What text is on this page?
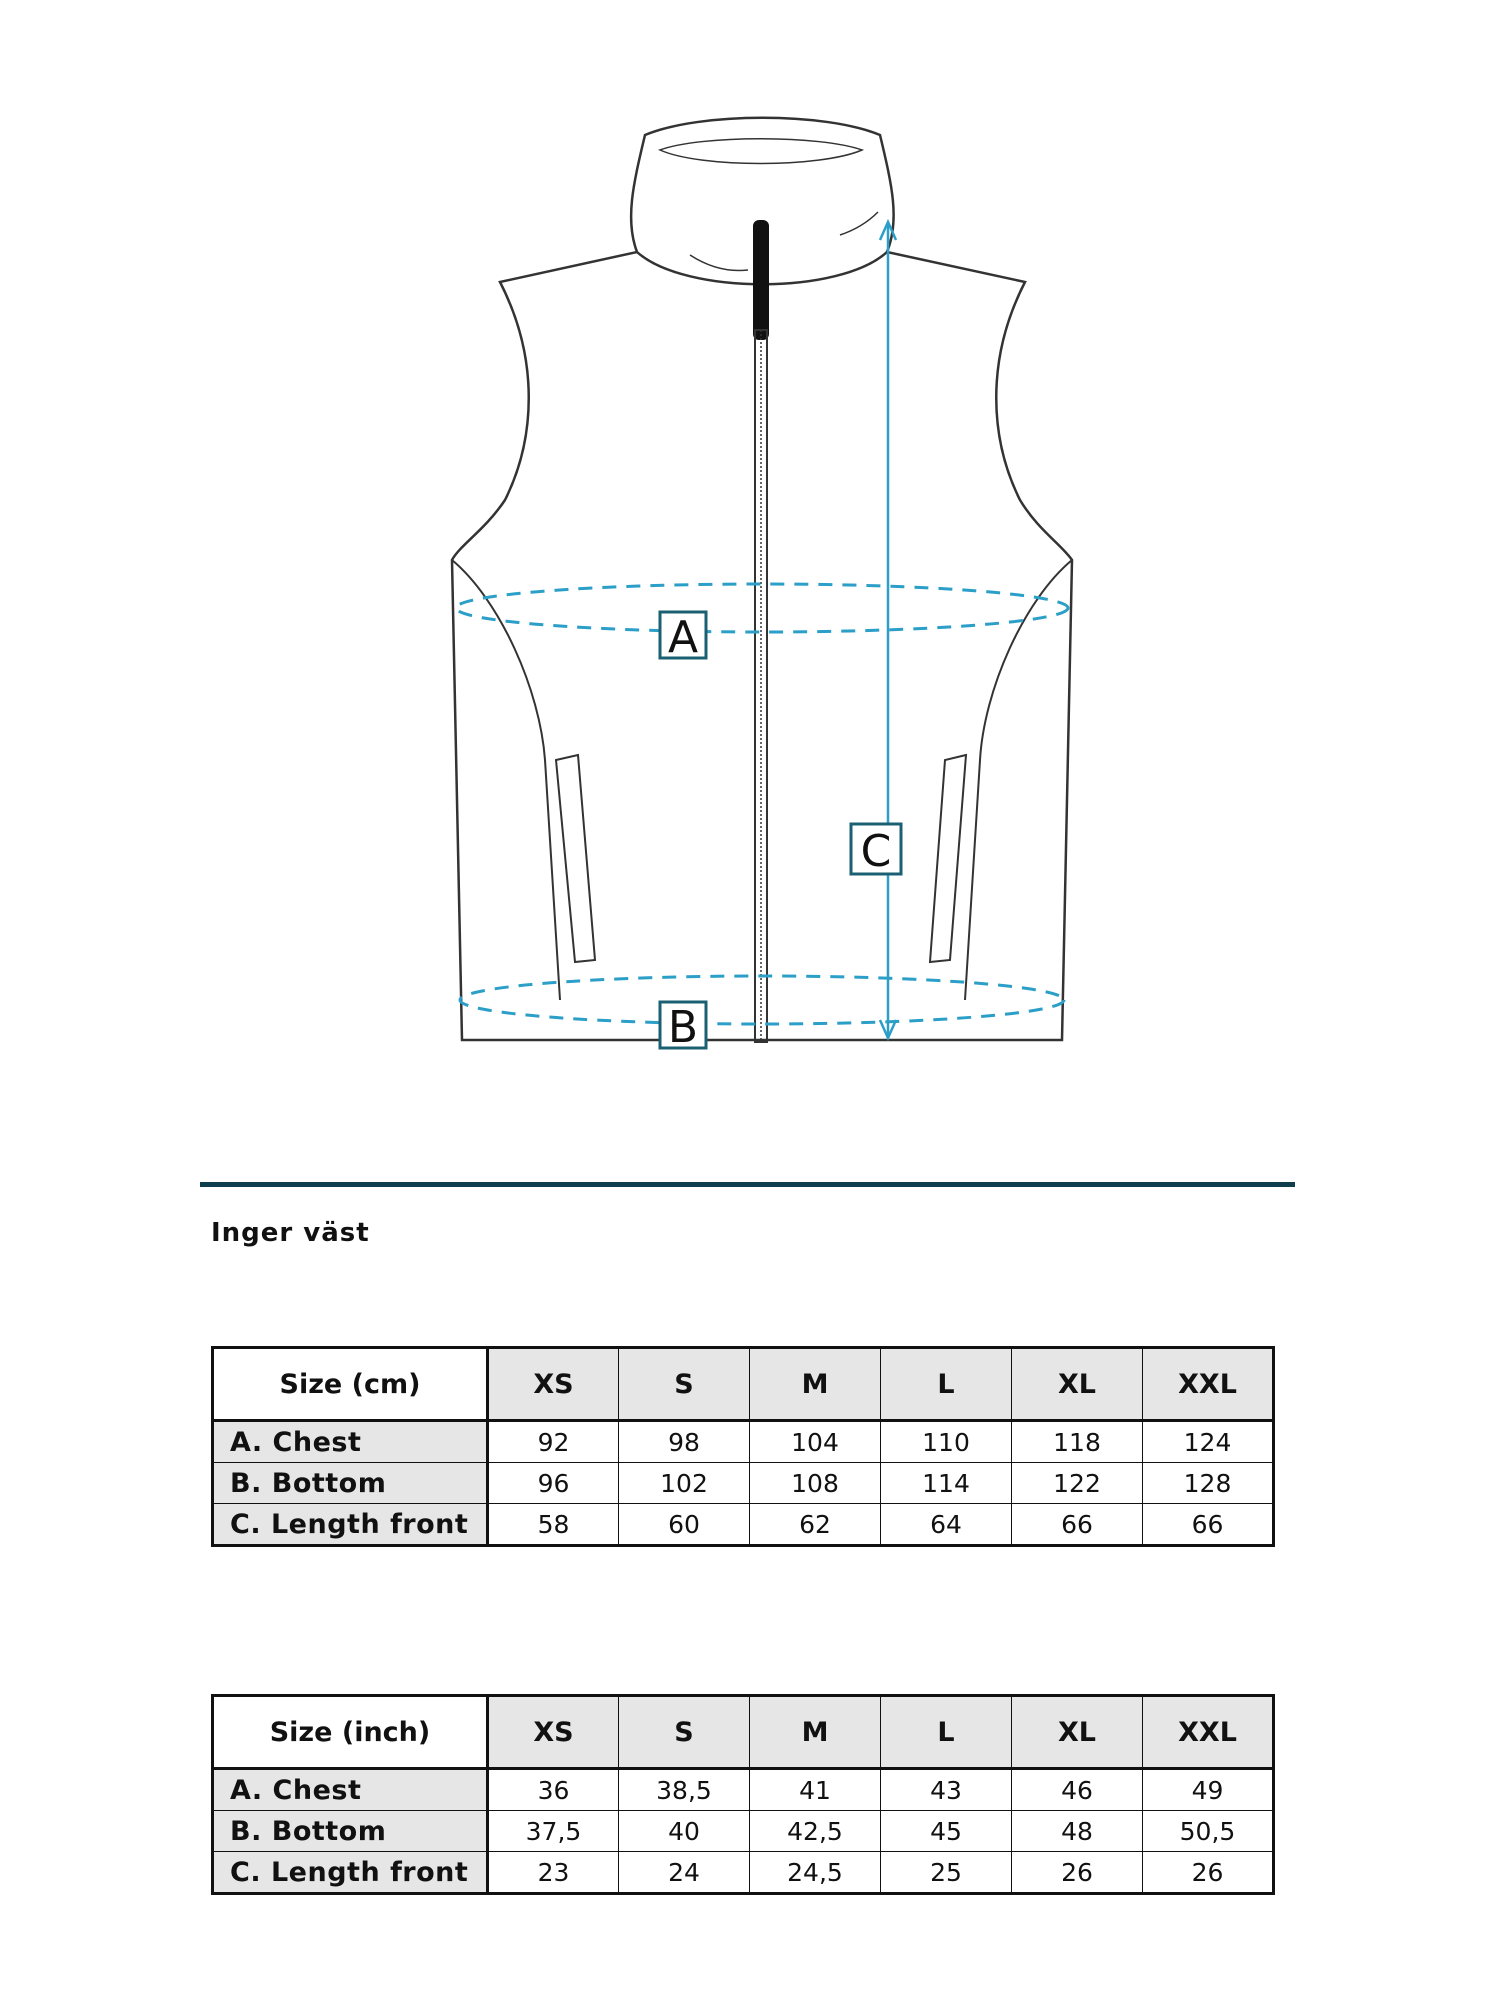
A
B
C
Inger väst
Size (cm)	XS	S	M	L	XL	XXL
A. Chest	92	98	104	110	118	124
B. Bottom	96	102	108	114	122	128
C. Length front	58	60	62	64	66	66
Size (inch)	XS	S	M	L	XL	XXL
A. Chest	36	38,5	41	43	46	49
B. Bottom	37,5	40	42,5	45	48	50,5
C. Length front	23	24	24,5	25	26	26
